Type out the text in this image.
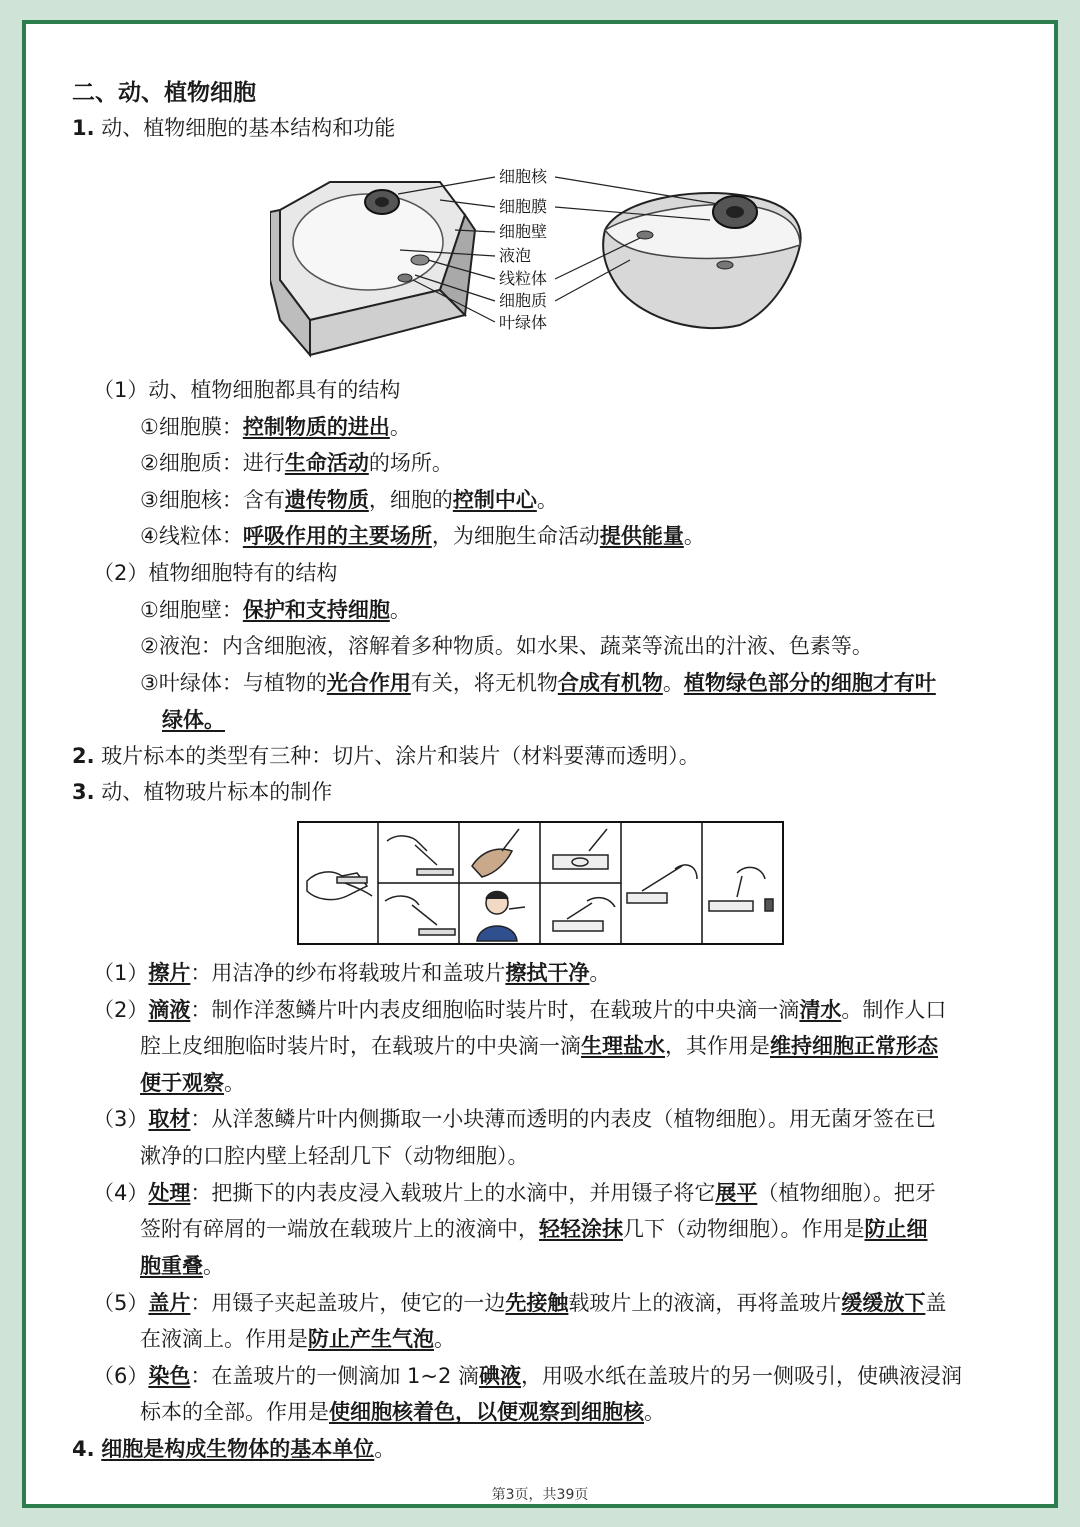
二、动、植物细胞
1. 动、植物细胞的基本结构和功能
细胞核
细胞膜
细胞壁
液泡
线粒体
细胞质
叶绿体
（1）动、植物细胞都具有的结构
①细胞膜：控制物质的进出。
②细胞质：进行生命活动的场所。
③细胞核：含有遗传物质，细胞的控制中心。
④线粒体：呼吸作用的主要场所，为细胞生命活动提供能量。
（2）植物细胞特有的结构
①细胞壁：保护和支持细胞。
②液泡：内含细胞液，溶解着多种物质。如水果、蔬菜等流出的汁液、色素等。
③叶绿体：与植物的光合作用有关，将无机物合成有机物。植物绿色部分的细胞才有叶
绿体。
2. 玻片标本的类型有三种：切片、涂片和装片（材料要薄而透明）。
3. 动、植物玻片标本的制作
（1）擦片：用洁净的纱布将载玻片和盖玻片擦拭干净。
（2）滴液：制作洋葱鳞片叶内表皮细胞临时装片时，在载玻片的中央滴一滴清水。制作人口
腔上皮细胞临时装片时，在载玻片的中央滴一滴生理盐水，其作用是维持细胞正常形态
便于观察。
（3）取材：从洋葱鳞片叶内侧撕取一小块薄而透明的内表皮（植物细胞）。用无菌牙签在已
漱净的口腔内壁上轻刮几下（动物细胞）。
（4）处理：把撕下的内表皮浸入载玻片上的水滴中，并用镊子将它展平（植物细胞）。把牙
签附有碎屑的一端放在载玻片上的液滴中，轻轻涂抹几下（动物细胞）。作用是防止细
胞重叠。
（5）盖片：用镊子夹起盖玻片，使它的一边先接触载玻片上的液滴，再将盖玻片缓缓放下盖
在液滴上。作用是防止产生气泡。
（6）染色：在盖玻片的一侧滴加 1~2 滴碘液，用吸水纸在盖玻片的另一侧吸引，使碘液浸润
标本的全部。作用是使细胞核着色，以便观察到细胞核。
4. 细胞是构成生物体的基本单位。
第3页，共39页
